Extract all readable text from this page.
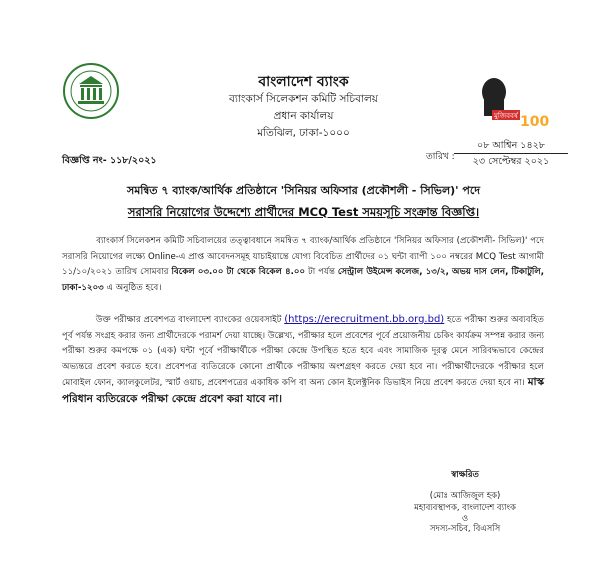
মুজিববর্ষ 100
বাংলাদেশ ব্যাংক
ব্যাংকার্স সিলেকশন কমিটি সচিবালয়
প্রধান কার্যালয়
মতিঝিল, ঢাকা-১০০০
বিজ্ঞপ্তি নং- ১১৮/২০২১	তারিখ :
০৮ আশ্বিন ১৪২৮
২৩ সেপ্টেম্বর ২০২১
সমন্বিত ৭ ব্যাংক/আর্থিক প্রতিষ্ঠানে 'সিনিয়র অফিসার (প্রকৌশলী - সিভিল)' পদে
সরাসরি নিয়োগের উদ্দেশ্যে প্রার্থীদের MCQ Test সময়সূচি সংক্রান্ত বিজ্ঞপ্তি।

ব্যাংকার্স সিলেকশন কমিটি সচিবালয়ের তত্ত্বাবধানে সমন্বিত ৭ ব্যাংক/আর্থিক প্রতিষ্ঠানে 'সিনিয়র অফিসার (প্রকৌশলী- সিভিল)' পদে সরাসরি নিয়োগের লক্ষ্যে Online-এ প্রাপ্ত আবেদনসমূহ যাচাইয়ান্তে যোগ্য বিবেচিত প্রার্থীদের ০১ ঘন্টা ব্যাপী ১০০ নম্বরের MCQ Test আগামী ১১/১০/২০২১ তারিখ সোমবার বিকেল ০৩.০০ টা থেকে বিকেল ৪.০০ টা পর্যন্ত সেন্ট্রাল উইমেন্স কলেজ, ১৩/২, অভয় দাস লেন, টিকাটুলি, ঢাকা-১২০৩ এ অনুষ্ঠিত হবে।

উক্ত পরীক্ষার প্রবেশপত্র বাংলাদেশ ব্যাংকের ওয়েবসাইট (https://erecruitment.bb.org.bd) হতে পরীক্ষা শুরুর অব্যবহিত পূর্ব পর্যন্ত সংগ্রহ করার জন্য প্রার্থীদেরকে পরামর্শ দেয়া যাচ্ছে। উল্লেখ্য, পরীক্ষার হলে প্রবেশের পূর্বে প্রয়োজনীয় চেকিং কার্যক্রম সম্পন্ন করার জন্য পরীক্ষা শুরুর কমপক্ষে ০১ (এক) ঘন্টা পূর্বে পরীক্ষার্থীকে পরীক্ষা কেন্দ্রে উপস্থিত হতে হবে এবং সামাজিক দূরত্ব মেনে সারিবদ্ধভাবে কেন্দ্রের অভ্যন্তরে প্রবেশ করতে হবে। প্রবেশপত্র ব্যতিরেকে কোনো প্রার্থীকে পরীক্ষায় অংশগ্রহণ করতে দেয়া হবে না। পরীক্ষার্থীদেরকে পরীক্ষার হলে মোবাইল ফোন, ক্যালকুলেটর, স্মার্ট ওয়াচ, প্রবেশপত্রের একাধিক কপি বা অন্য কোন ইলেক্ট্রনিক ডিভাইস নিয়ে প্রবেশ করতে দেয়া হবে না। মাস্ক পরিধান ব্যতিরেকে পরীক্ষা কেন্দ্রে প্রবেশ করা যাবে না।

স্বাক্ষরিত
(মোঃ আজিজুল হক)
মহাব্যবস্থাপক, বাংলাদেশ ব্যাংক
ও
সদস্য-সচিব, বিএসসি
